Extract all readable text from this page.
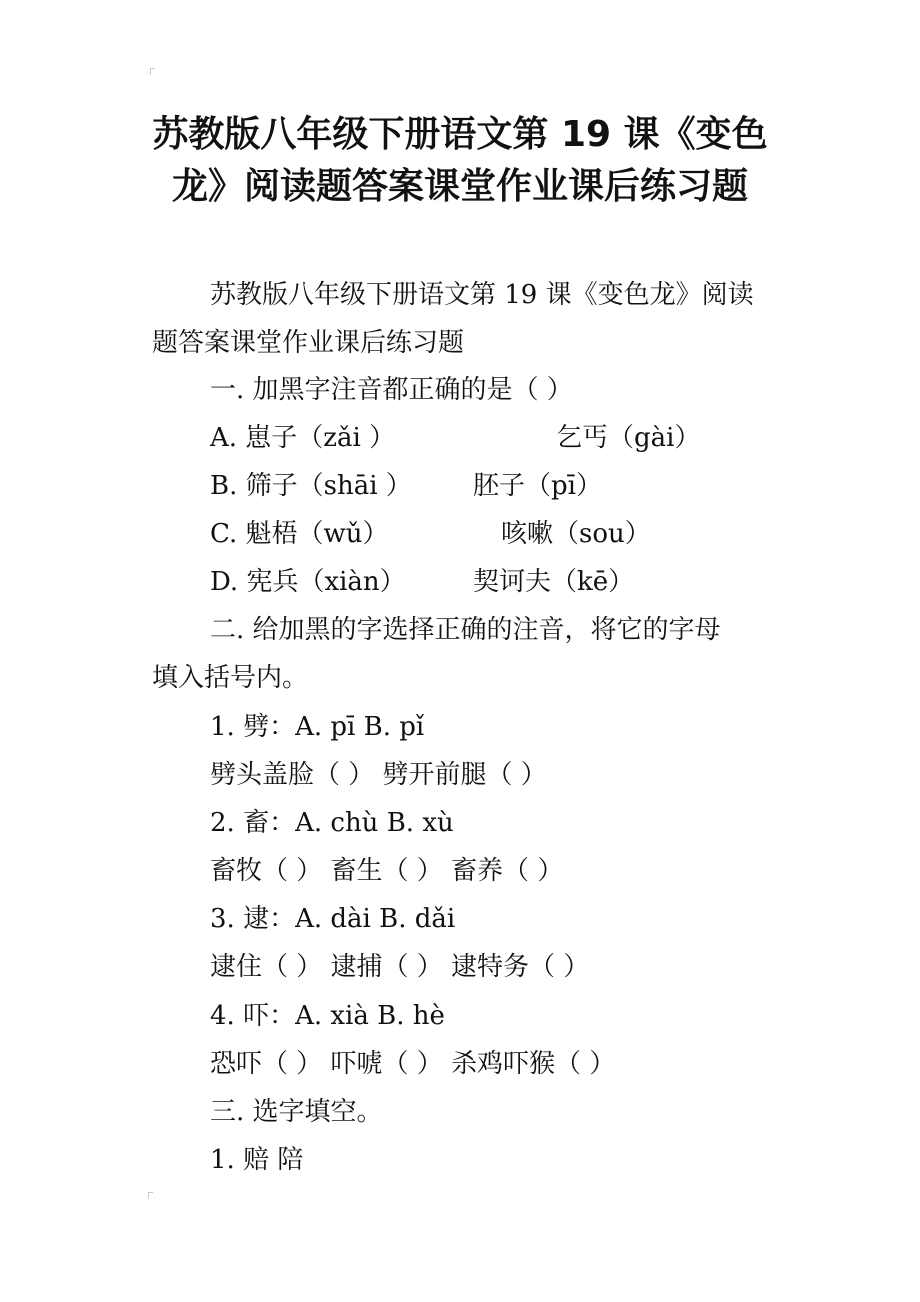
苏教版八年级下册语文第 19 课《变色
龙》阅读题答案课堂作业课后练习题

苏教版八年级下册语文第 19 课《变色龙》阅读

题答案课堂作业课后练习题

一. 加黑字注音都正确的是（ ）

A. 崽子（zǎi ）	乞丐（gài）

B. 筛子（shāi ） 胚子（pī）

C. 魁梧（wǔ）	咳嗽（sou）

D. 宪兵（xiàn）	契诃夫（kē）

二. 给加黑的字选择正确的注音，将它的字母

填入括号内。

1. 劈：A. pī B. pǐ

劈头盖脸（ ） 劈开前腿（ ）

2. 畜：A. chù B. xù

畜牧（ ） 畜生（ ） 畜养（ ）

3. 逮：A. dài B. dǎi

逮住（ ） 逮捕（ ） 逮特务（ ）

4. 吓：A. xià B. hè

恐吓（ ） 吓唬（ ） 杀鸡吓猴（ ）

三. 选字填空。

1. 赔 陪
